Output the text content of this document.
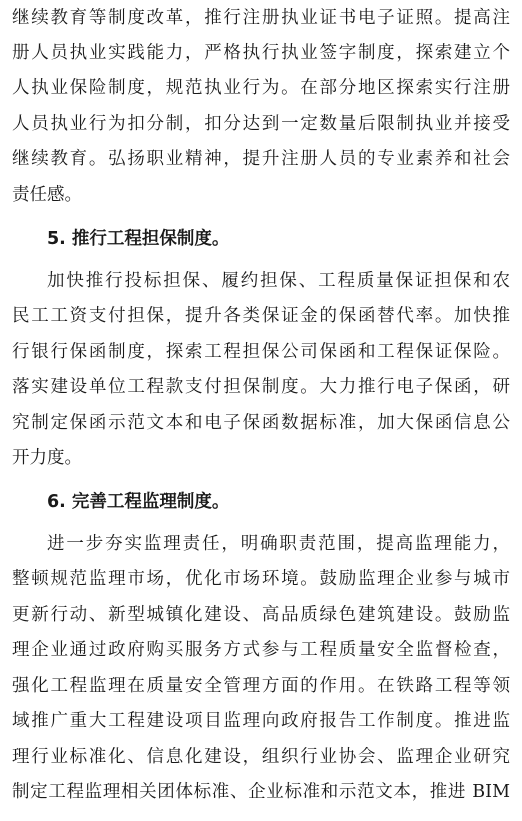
继续教育等制度改革，推行注册执业证书电子证照。提高注
册人员执业实践能力，严格执行执业签字制度，探索建立个
人执业保险制度，规范执业行为。在部分地区探索实行注册
人员执业行为扣分制，扣分达到一定数量后限制执业并接受
继续教育。弘扬职业精神，提升注册人员的专业素养和社会
责任感。
5. 推行工程担保制度。
加快推行投标担保、履约担保、工程质量保证担保和农
民工工资支付担保，提升各类保证金的保函替代率。加快推
行银行保函制度，探索工程担保公司保函和工程保证保险。
落实建设单位工程款支付担保制度。大力推行电子保函，研
究制定保函示范文本和电子保函数据标准，加大保函信息公
开力度。
6. 完善工程监理制度。
进一步夯实监理责任，明确职责范围，提高监理能力，
整顿规范监理市场，优化市场环境。鼓励监理企业参与城市
更新行动、新型城镇化建设、高品质绿色建筑建设。鼓励监
理企业通过政府购买服务方式参与工程质量安全监督检查，
强化工程监理在质量安全管理方面的作用。在铁路工程等领
域推广重大工程建设项目监理向政府报告工作制度。推进监
理行业标准化、信息化建设，组织行业协会、监理企业研究
制定工程监理相关团体标准、企业标准和示范文本，推进 BIM
